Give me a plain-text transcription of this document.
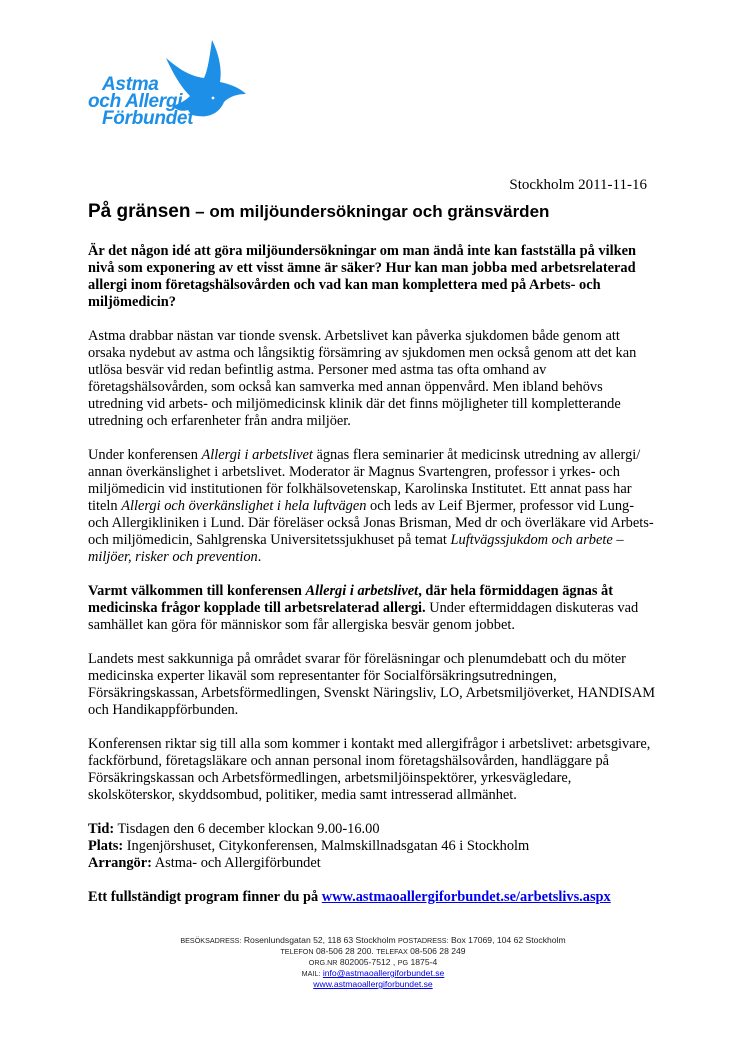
Astma
och Allergi
Förbundet
Stockholm 2011-11-16
På gränsen – om miljöundersökningar och gränsvärden

Är det någon idé att göra miljöundersökningar om man ändå inte kan fastställa på vilken nivå som exponering av ett visst ämne är säker? Hur kan man jobba med arbetsrelaterad allergi inom företagshälsovården och vad kan man komplettera med på Arbets- och miljömedicin?

Astma drabbar nästan var tionde svensk. Arbetslivet kan påverka sjukdomen både genom att orsaka nydebut av astma och långsiktig försämring av sjukdomen men också genom att det kan utlösa besvär vid redan befintlig astma. Personer med astma tas ofta omhand av företagshälsovården, som också kan samverka med annan öppenvård. Men ibland behövs utredning vid arbets- och miljömedicinsk klinik där det finns möjligheter till kompletterande utredning och erfarenheter från andra miljöer.

Under konferensen Allergi i arbetslivet ägnas flera seminarier åt medicinsk utredning av allergi/ annan överkänslighet i arbetslivet. Moderator är Magnus Svartengren, professor i yrkes- och miljömedicin vid institutionen för folkhälsovetenskap, Karolinska Institutet. Ett annat pass har titeln Allergi och överkänslighet i hela luftvägen och leds av Leif Bjermer, professor vid Lung- och Allergikliniken i Lund. Där föreläser också Jonas Brisman, Med dr och överläkare vid Arbets- och miljömedicin, Sahlgrenska Universitetssjukhuset på temat Luftvägssjukdom och arbete – miljöer, risker och prevention.

Varmt välkommen till konferensen Allergi i arbetslivet, där hela förmiddagen ägnas åt medicinska frågor kopplade till arbetsrelaterad allergi. Under eftermiddagen diskuteras vad samhället kan göra för människor som får allergiska besvär genom jobbet.

Landets mest sakkunniga på området svarar för föreläsningar och plenumdebatt och du möter medicinska experter likaväl som representanter för Socialförsäkringsutredningen, Försäkringskassan, Arbetsförmedlingen, Svenskt Näringsliv, LO, Arbetsmiljöverket, HANDISAM och Handikappförbunden.

Konferensen riktar sig till alla som kommer i kontakt med allergifrågor i arbetslivet: arbetsgivare, fackförbund, företagsläkare och annan personal inom företagshälsovården, handläggare på Försäkringskassan och Arbetsförmedlingen, arbetsmiljöinspektörer, yrkesvägledare, skolsköterskor, skyddsombud, politiker, media samt intresserad allmänhet.

Tid: Tisdagen den 6 december klockan 9.00-16.00
Plats: Ingenjörshuset, Citykonferensen, Malmskillnadsgatan 46 i Stockholm
Arrangör: Astma- och Allergiförbundet

Ett fullständigt program finner du på www.astmaoallergiforbundet.se/arbetslivs.aspx

BESÖKSADRESS: Rosenlundsgatan 52, 118 63 Stockholm POSTADRESS: Box 17069, 104 62 Stockholm
TELEFON 08-506 28 200. TELEFAX 08-506 28 249
ORG.NR 802005-7512 , PG 1875-4
MAIL: info@astmaoallergiforbundet.se
www.astmaoallergiforbundet.se
